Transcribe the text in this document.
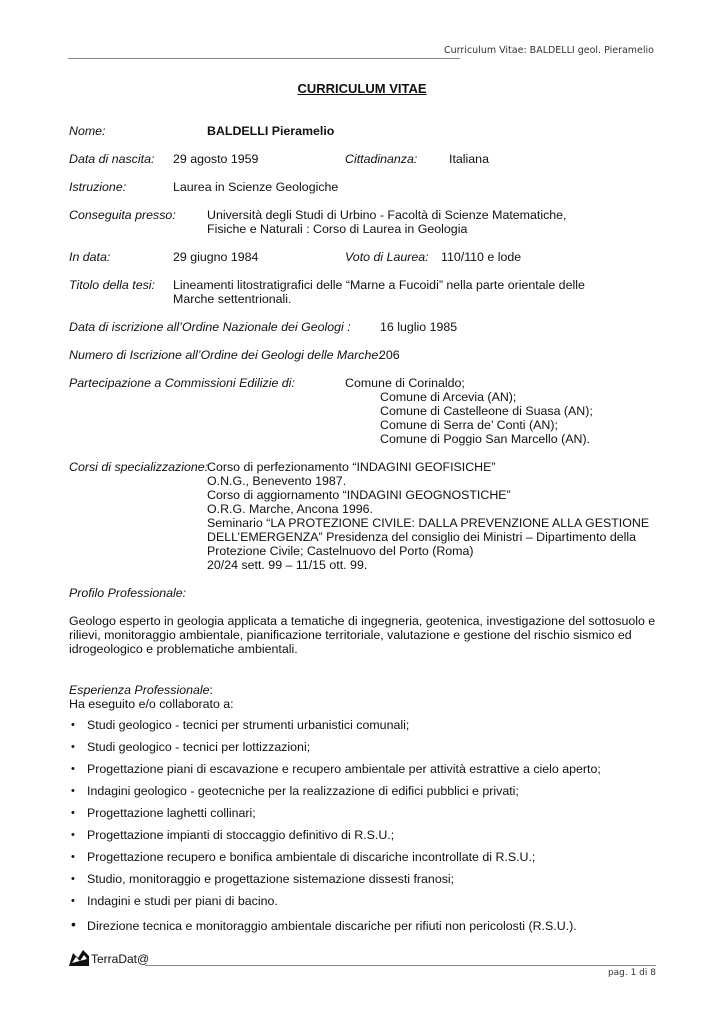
Curriculum Vitae: BALDELLI geol. Pieramelio
CURRICULUM VITAE
Nome:	BALDELLI Pieramelio
Data di nascita: 29 agosto 1959	Cittadinanza:	Italiana
Istruzione:	Laurea in Scienze Geologiche
Conseguita presso:	Università degli Studi di Urbino - Facoltà di Scienze Matematiche,
Fisiche e Naturali : Corso di Laurea in Geologia
In data:	29 giugno 1984	Voto di Laurea: 110/110 e lode
Titolo della tesi: Lineamenti litostratigrafici delle “Marne a Fucoidi” nella parte orientale delle
Marche settentrionali.
Data di iscrizione all’Ordine Nazionale dei Geologi : 16 luglio 1985
Numero di Iscrizione all’Ordine dei Geologi delle Marche:
206
Partecipazione a Commissioni Edilizie di:	Comune di Corinaldo;
Comune di Arcevia (AN);
Comune di Castelleone di Suasa (AN);
Comune di Serra de’ Conti (AN);
Comune di Poggio San Marcello (AN).
Corsi di specializzazione:
Corso di perfezionamento “INDAGINI GEOFISICHE”
O.N.G., Benevento 1987.
Corso di aggiornamento “INDAGINI GEOGNOSTICHE”
O.R.G. Marche, Ancona 1996.
Seminario “LA PROTEZIONE CIVILE: DALLA PREVENZIONE ALLA GESTIONE
DELL’EMERGENZA” Presidenza del consiglio dei Ministri – Dipartimento della
Protezione Civile; Castelnuovo del Porto (Roma)
20/24 sett. 99 – 11/15 ott. 99.
Profilo Professionale:
Geologo esperto in geologia applicata a tematiche di ingegneria, geotenica, investigazione del sottosuolo e
rilievi, monitoraggio ambientale, pianificazione territoriale, valutazione e gestione del rischio sismico ed
idrogeologico e problematiche ambientali.
Esperienza Professionale:
Ha eseguito e/o collaborato a:
• Studi geologico - tecnici per strumenti urbanistici comunali;
• Studi geologico - tecnici per lottizzazioni;
• Progettazione piani di escavazione e recupero ambientale per attività estrattive a cielo aperto;
• Indagini geologico - geotecniche per la realizzazione di edifici pubblici e privati;
• Progettazione laghetti collinari;
• Progettazione impianti di stoccaggio definitivo di R.S.U.;
• Progettazione recupero e bonifica ambientale di discariche incontrollate di R.S.U.;
• Studio, monitoraggio e progettazione sistemazione dissesti franosi;
• Indagini e studi per piani di bacino.
• Direzione tecnica e monitoraggio ambientale discariche per rifiuti non pericolosti (R.S.U.).
TerraDat@
pag. 1 di 8
